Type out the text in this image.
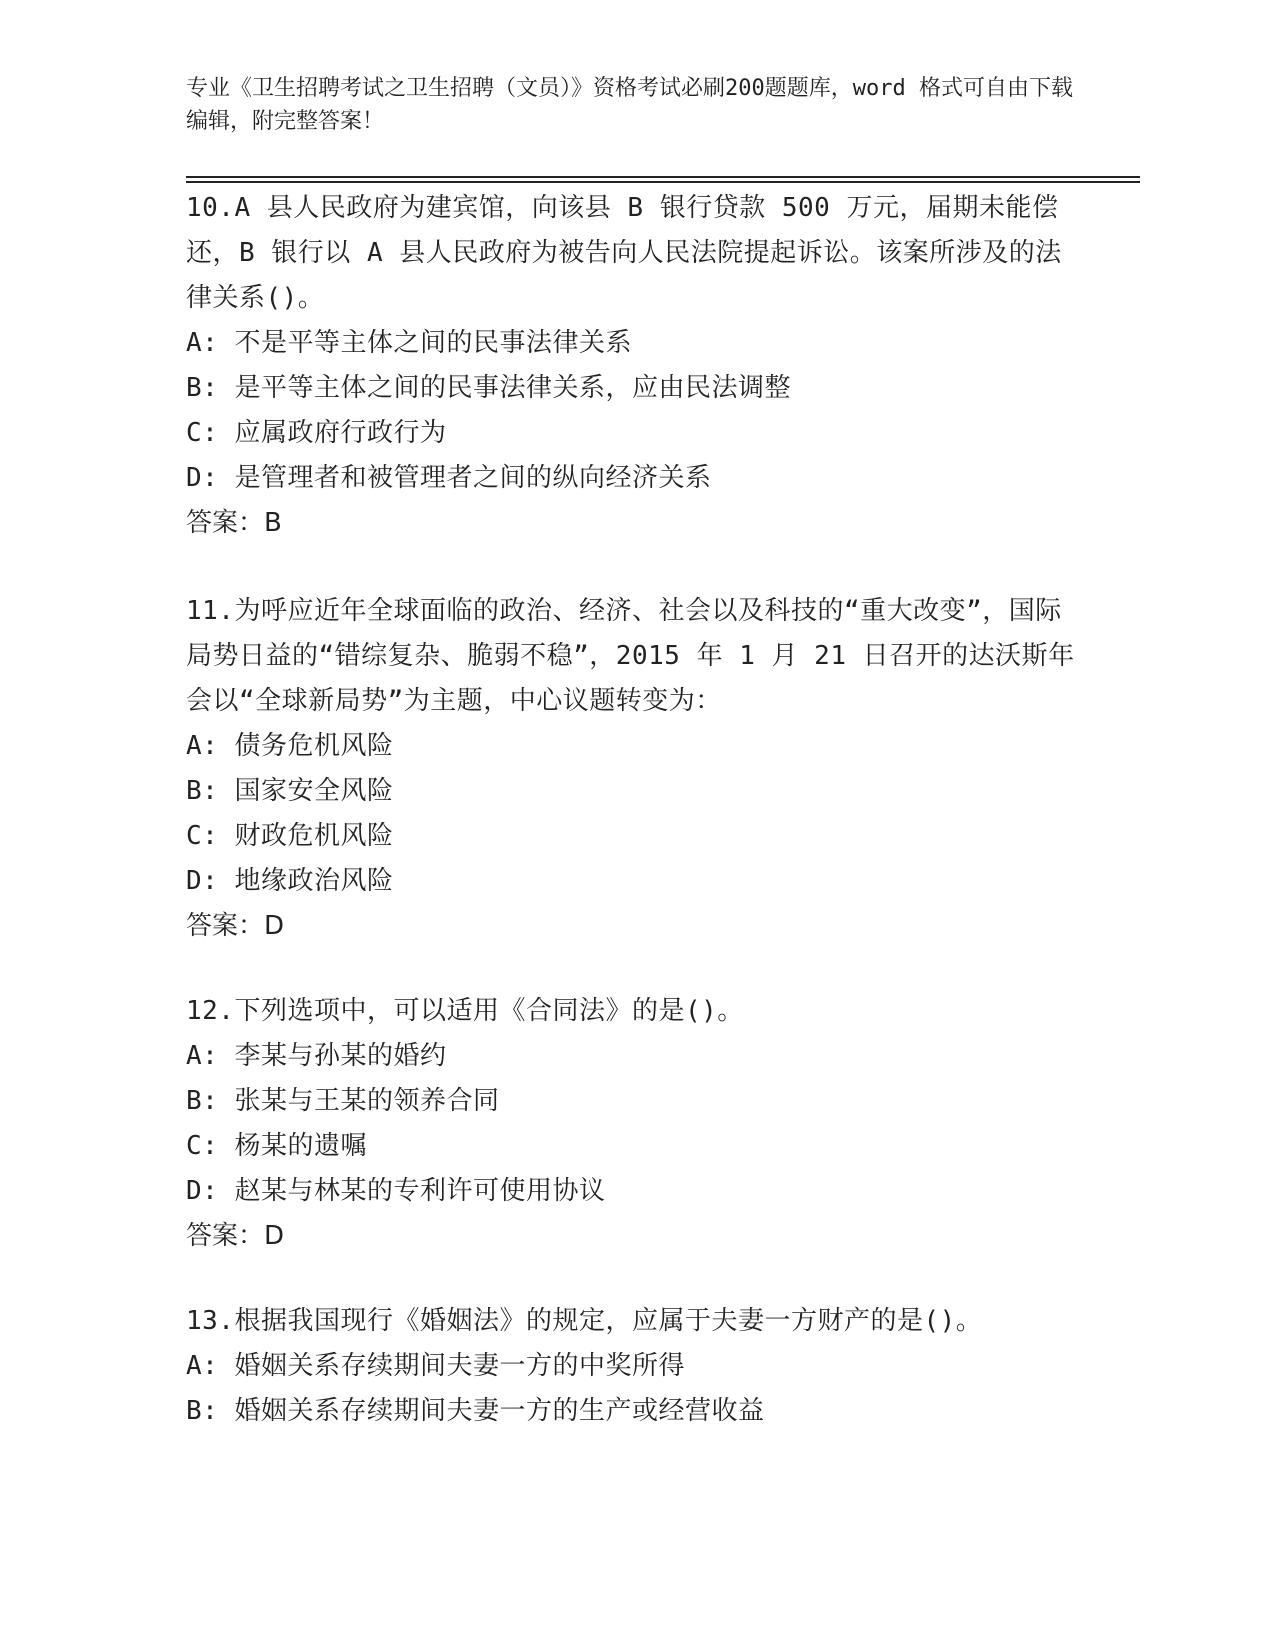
专业《卫生招聘考试之卫生招聘（文员）》资格考试必刷200题题库，word 格式可自由下载编辑，附完整答案！

10.A 县人民政府为建宾馆，向该县 B 银行贷款 500 万元，届期未能偿还，B 银行以 A 县人民政府为被告向人民法院提起诉讼。该案所涉及的法律关系()。

A: 不是平等主体之间的民事法律关系

B: 是平等主体之间的民事法律关系，应由民法调整

C: 应属政府行政行为

D: 是管理者和被管理者之间的纵向经济关系

答案：B

11.为呼应近年全球面临的政治、经济、社会以及科技的“重大改变”，国际局势日益的“错综复杂、脆弱不稳”，2015 年 1 月 21 日召开的达沃斯年会以“全球新局势”为主题，中心议题转变为：

A: 债务危机风险

B: 国家安全风险

C: 财政危机风险

D: 地缘政治风险

答案：D

12.下列选项中，可以适用《合同法》的是()。

A: 李某与孙某的婚约

B: 张某与王某的领养合同

C: 杨某的遗嘱

D: 赵某与林某的专利许可使用协议

答案：D

13.根据我国现行《婚姻法》的规定，应属于夫妻一方财产的是()。

A: 婚姻关系存续期间夫妻一方的中奖所得

B: 婚姻关系存续期间夫妻一方的生产或经营收益
